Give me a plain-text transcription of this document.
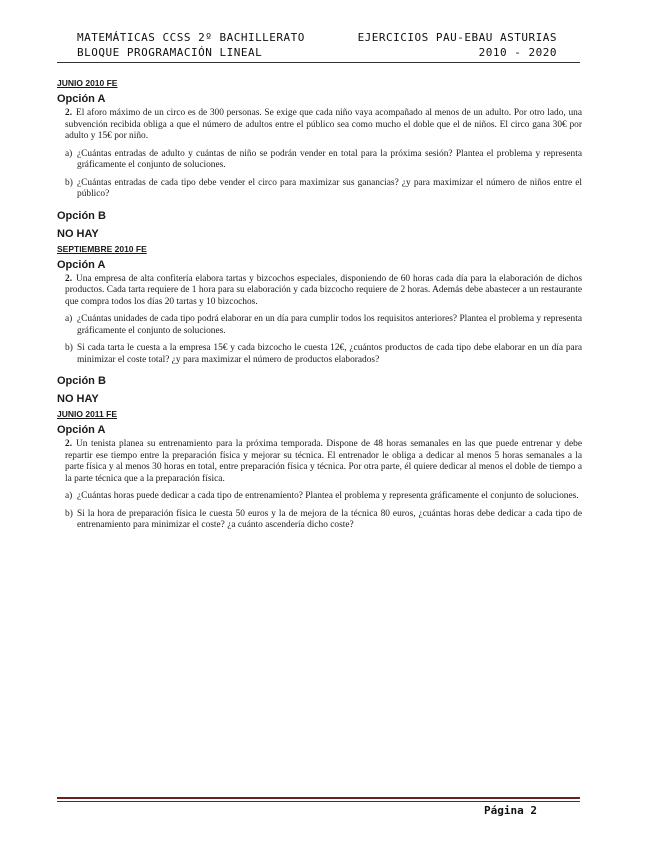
MATEMÁTICAS CCSS 2º BACHILLERATO
BLOQUE PROGRAMACIÓN LINEAL
EJERCICIOS PAU-EBAU ASTURIAS
2010 - 2020

JUNIO 2010 FE

Opción A

2. El aforo máximo de un circo es de 300 personas. Se exige que cada niño vaya acompañado al menos de un adulto. Por otro lado, una subvención recibida obliga a que el número de adultos entre el público sea como mucho el doble que el de niños. El circo gana 30€ por adulto y 15€ por niño.

a) ¿Cuántas entradas de adulto y cuántas de niño se podrán vender en total para la próxima sesión? Plantea el problema y representa gráficamente el conjunto de soluciones.

b) ¿Cuántas entradas de cada tipo debe vender el circo para maximizar sus ganancias? ¿y para maximizar el número de niños entre el público?

Opción B

NO HAY

SEPTIEMBRE 2010 FE

Opción A

2. Una empresa de alta confitería elabora tartas y bizcochos especiales, disponiendo de 60 horas cada día para la elaboración de dichos productos. Cada tarta requiere de 1 hora para su elaboración y cada bizcocho requiere de 2 horas. Además debe abastecer a un restaurante que compra todos los días 20 tartas y 10 bizcochos.

a) ¿Cuántas unidades de cada tipo podrá elaborar en un día para cumplir todos los requisitos anteriores? Plantea el problema y representa gráficamente el conjunto de soluciones.

b) Si cada tarta le cuesta a la empresa 15€ y cada bizcocho le cuesta 12€, ¿cuántos productos de cada tipo debe elaborar en un día para minimizar el coste total? ¿y para maximizar el número de productos elaborados?

Opción B

NO HAY

JUNIO 2011 FE

Opción A

2. Un tenista planea su entrenamiento para la próxima temporada. Dispone de 48 horas semanales en las que puede entrenar y debe repartir ese tiempo entre la preparación física y mejorar su técnica. El entrenador le obliga a dedicar al menos 5 horas semanales a la parte física y al menos 30 horas en total, entre preparación física y técnica. Por otra parte, él quiere dedicar al menos el doble de tiempo a la parte técnica que a la preparación física.

a) ¿Cuántas horas puede dedicar a cada tipo de entrenamiento? Plantea el problema y representa gráficamente el conjunto de soluciones.

b) Si la hora de preparación física le cuesta 50 euros y la de mejora de la técnica 80 euros, ¿cuántas horas debe dedicar a cada tipo de entrenamiento para minimizar el coste? ¿a cuánto ascendería dicho coste?

Página 2
